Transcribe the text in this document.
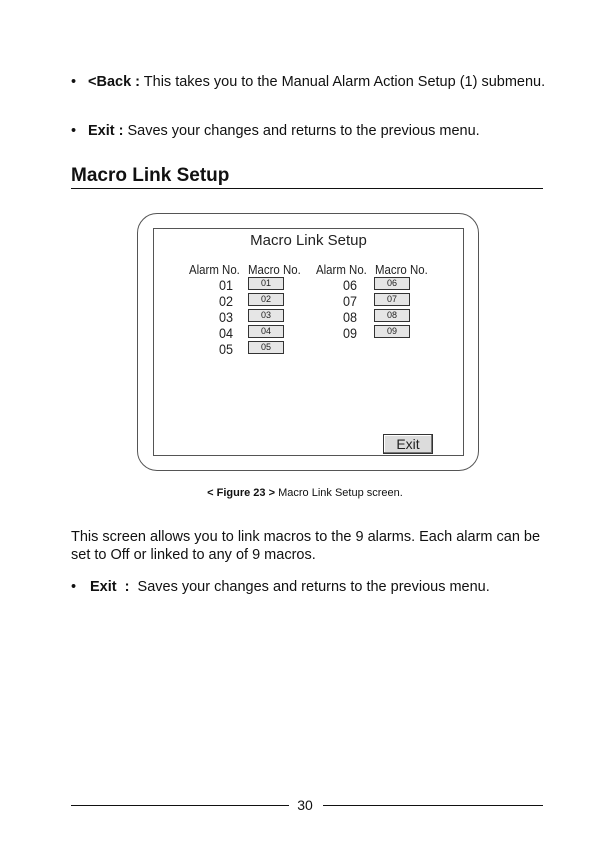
• <Back : This takes you to the Manual Alarm Action Setup (1) submenu.
• Exit : Saves your changes and returns to the previous menu.
Macro Link Setup
Macro Link Setup
Alarm No. Macro No. Alarm No. Macro No.
01	01
02	02
03	03
04	04
05	05
06	06
07	07
08	08
09	09
Exit
< Figure 23 > Macro Link Setup screen.
This screen allows you to link macros to the 9 alarms. Each alarm can be set to Off or linked to any of 9 macros.
• Exit  :  Saves your changes and returns to the previous menu.
30
